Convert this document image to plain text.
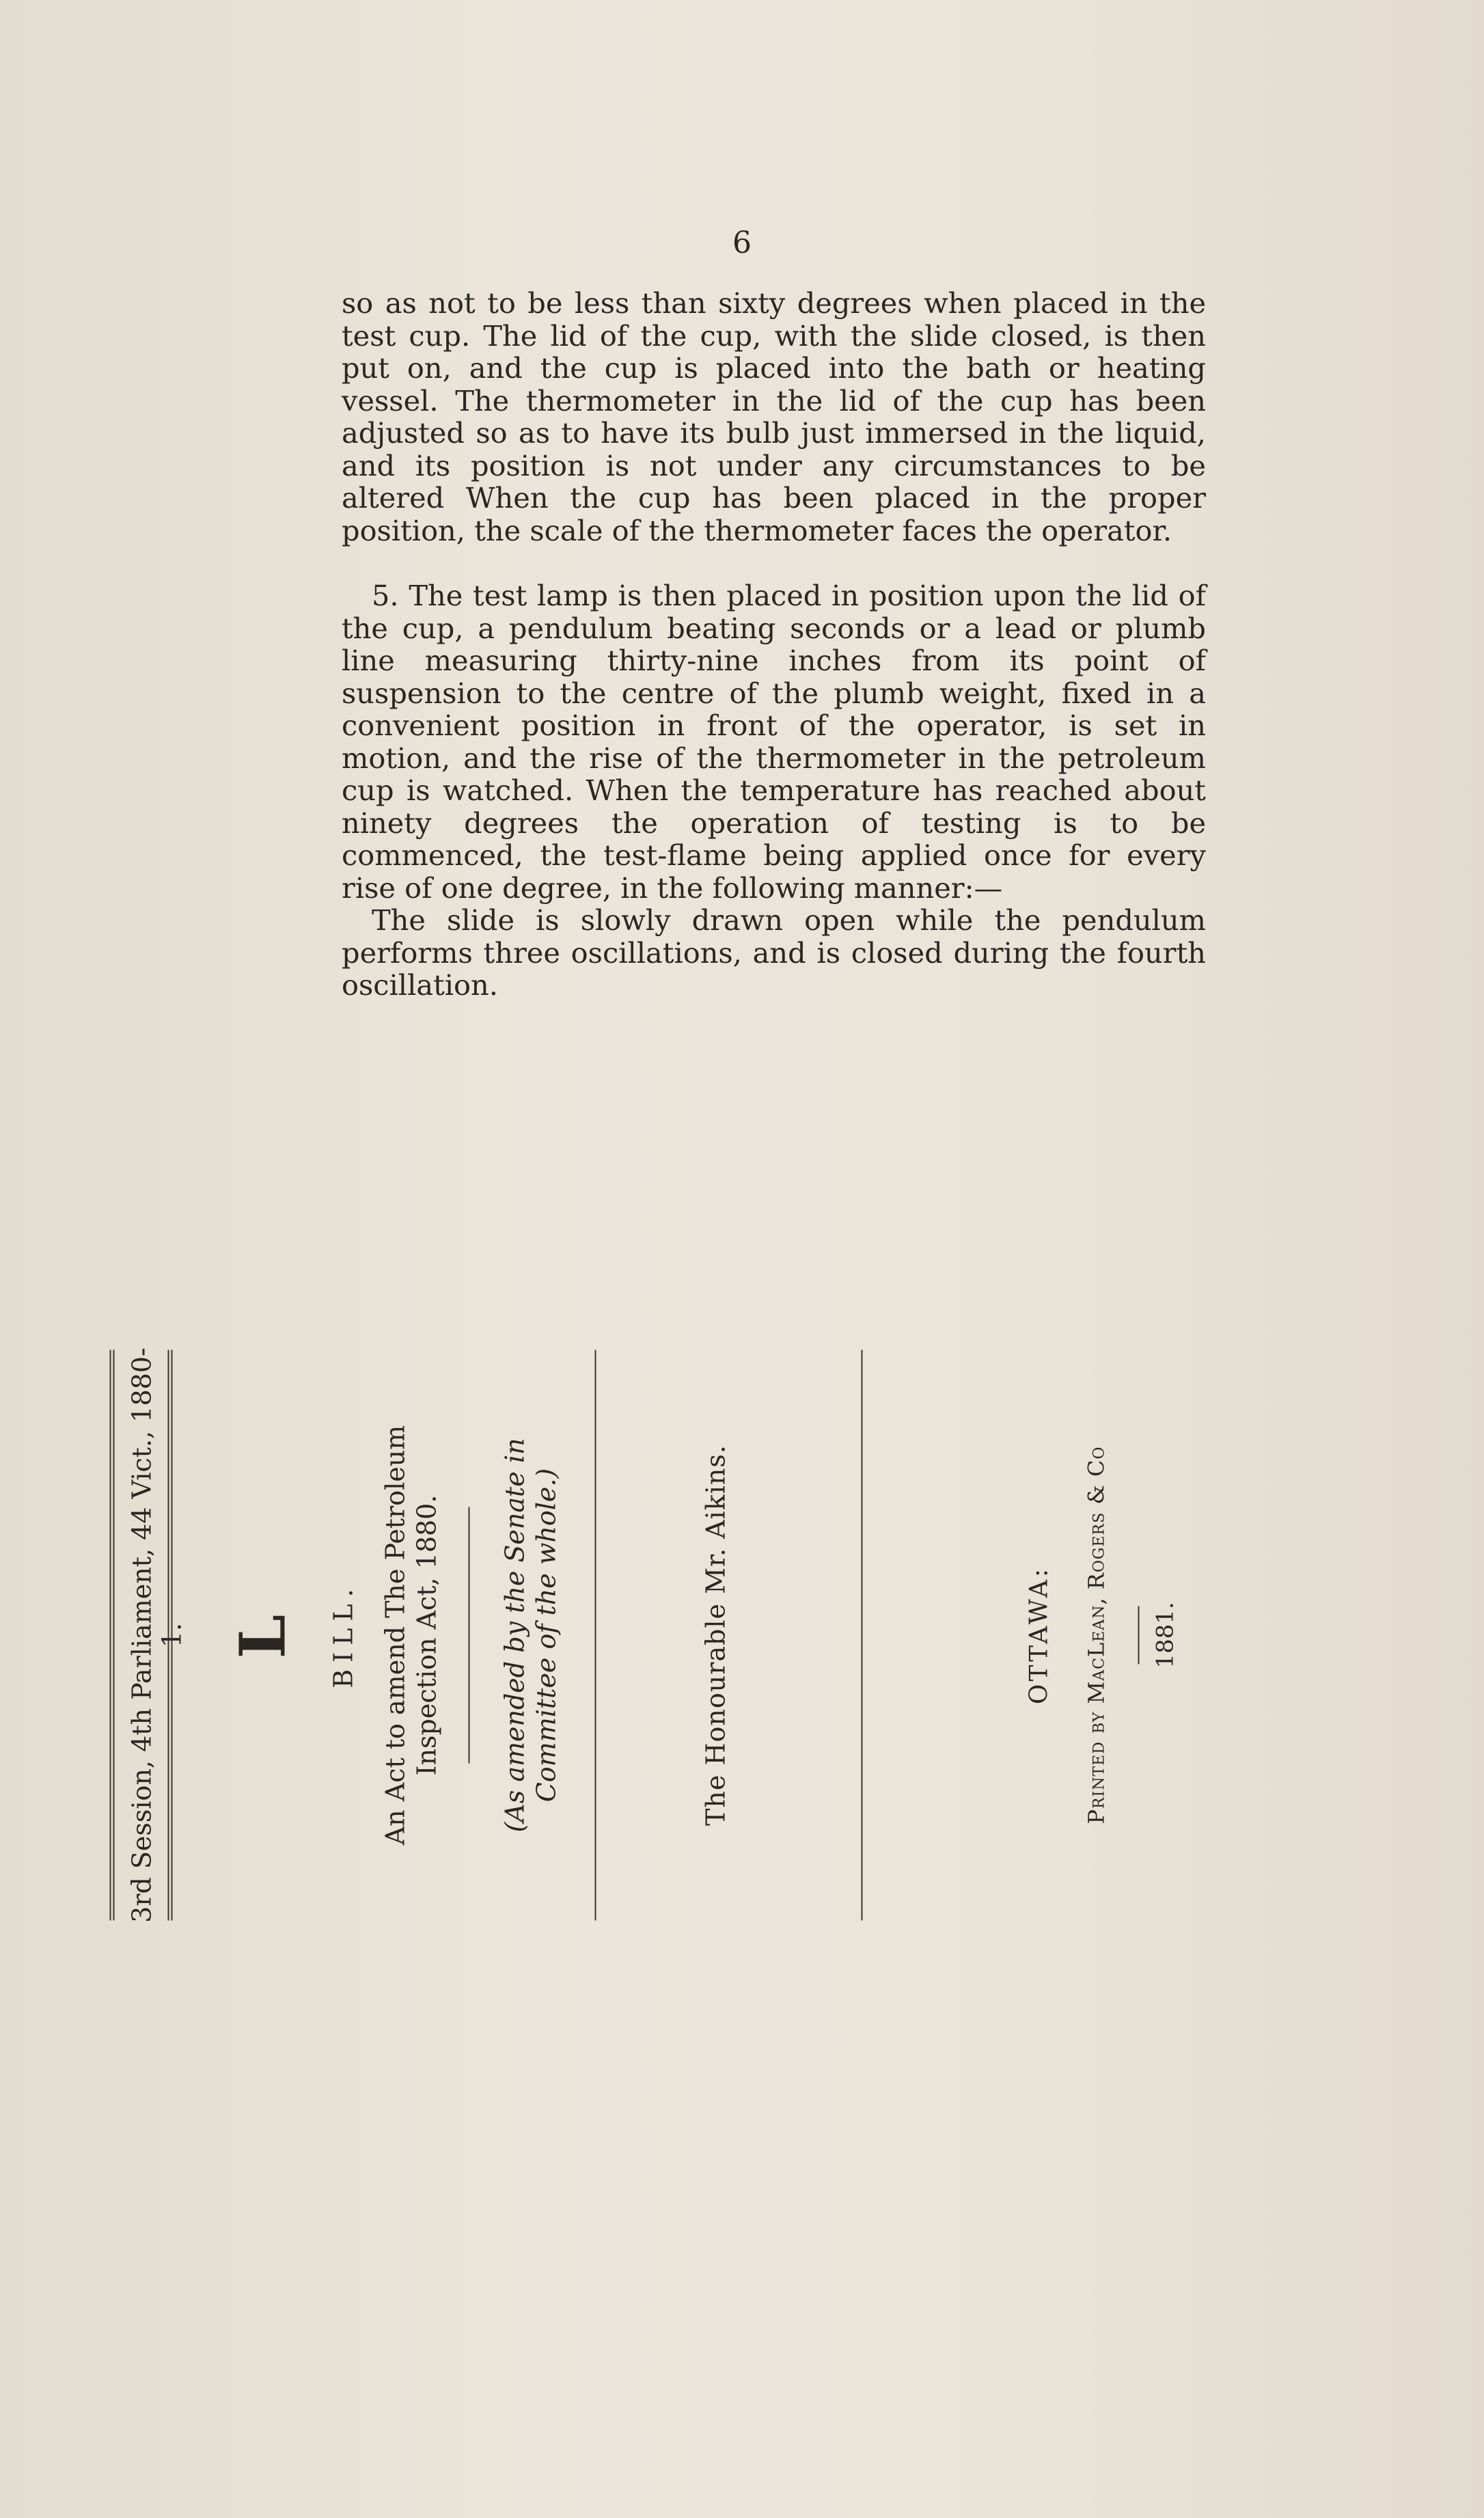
6

so as not to be less than sixty degrees when placed in the test cup. The lid of the cup, with the slide closed, is then put on, and the cup is placed into the bath or heating vessel. The thermometer in the lid of the cup has been adjusted so as to have its bulb just immersed in the liquid, and its position is not under any circumstances to be altered When the cup has been placed in the proper position, the scale of the thermometer faces the operator.

5. The test lamp is then placed in position upon the lid of the cup, a pendulum beating seconds or a lead or plumb line measuring thirty-nine inches from its point of suspension to the centre of the plumb weight, fixed in a convenient position in front of the operator, is set in motion, and the rise of the thermometer in the petroleum cup is watched. When the temperature has reached about ninety degrees the operation of testing is to be commenced, the test-flame being applied once for every rise of one degree, in the following manner:—

The slide is slowly drawn open while the pendulum performs three oscillations, and is closed during the fourth oscillation.

3rd Session, 4th Parliament, 44 Vict., 1880-1. L BILL. An Act to amend The Petroleum Inspection Act, 1880. (As amended by the Senate in Committee of the whole.)	The Honourable Mr. Aikins.	OTTAWA: Printed by MacLean, Rogers & Co 1881.
